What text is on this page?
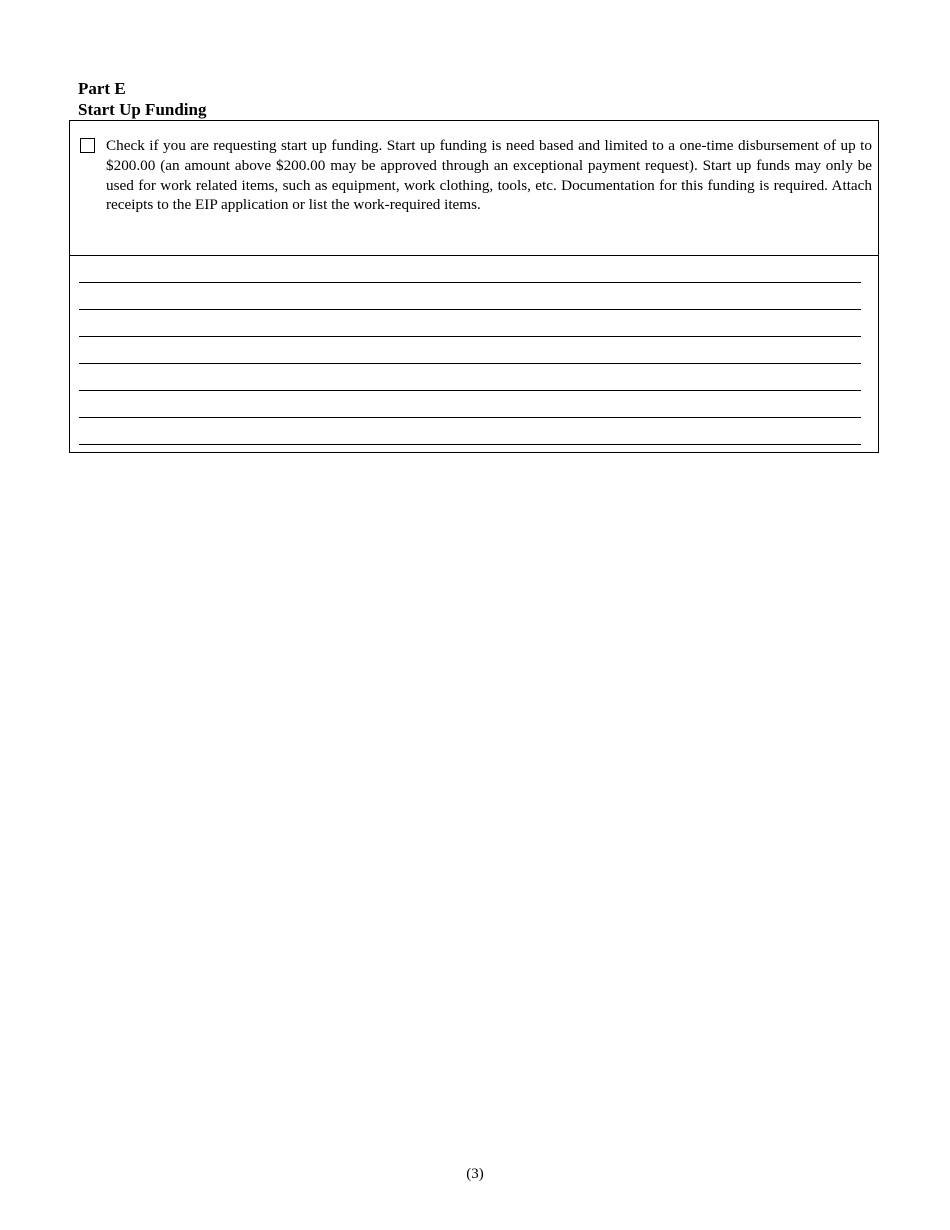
Part E
Start Up Funding
Check if you are requesting start up funding. Start up funding is need based and limited to a one-time disbursement of up to $200.00 (an amount above $200.00 may be approved through an exceptional payment request). Start up funds may only be used for work related items, such as equipment, work clothing, tools, etc. Documentation for this funding is required. Attach receipts to the EIP application or list the work-required items.
(3)
